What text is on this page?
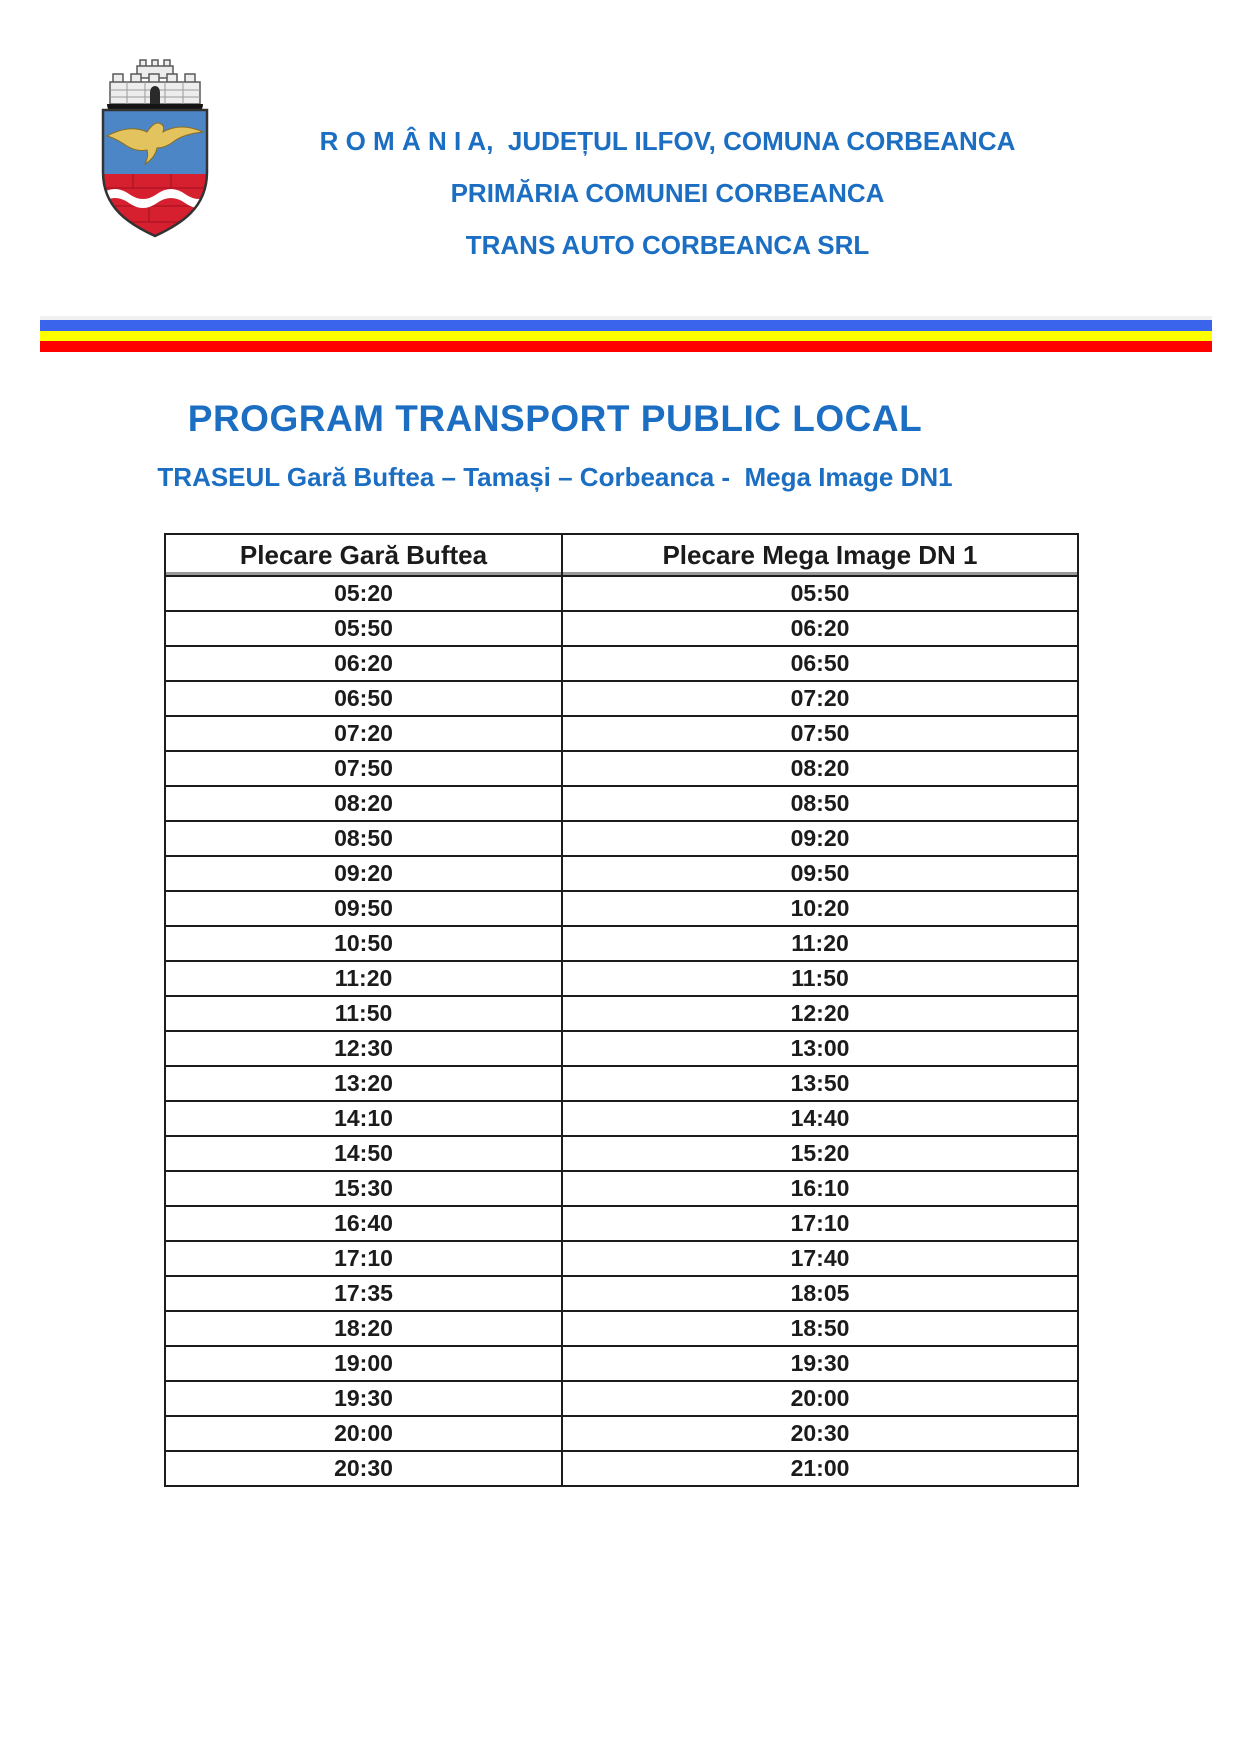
R O M Â N I A,  JUDEȚUL ILFOV, COMUNA CORBEANCA
PRIMĂRIA COMUNEI CORBEANCA
TRANS AUTO CORBEANCA SRL
PROGRAM TRANSPORT PUBLIC LOCAL
TRASEUL Gară Buftea – Tamași – Corbeanca -  Mega Image DN1
Plecare Gară Buftea	Plecare Mega Image DN 1
05:20	05:50
05:50	06:20
06:20	06:50
06:50	07:20
07:20	07:50
07:50	08:20
08:20	08:50
08:50	09:20
09:20	09:50
09:50	10:20
10:50	11:20
11:20	11:50
11:50	12:20
12:30	13:00
13:20	13:50
14:10	14:40
14:50	15:20
15:30	16:10
16:40	17:10
17:10	17:40
17:35	18:05
18:20	18:50
19:00	19:30
19:30	20:00
20:00	20:30
20:30	21:00
